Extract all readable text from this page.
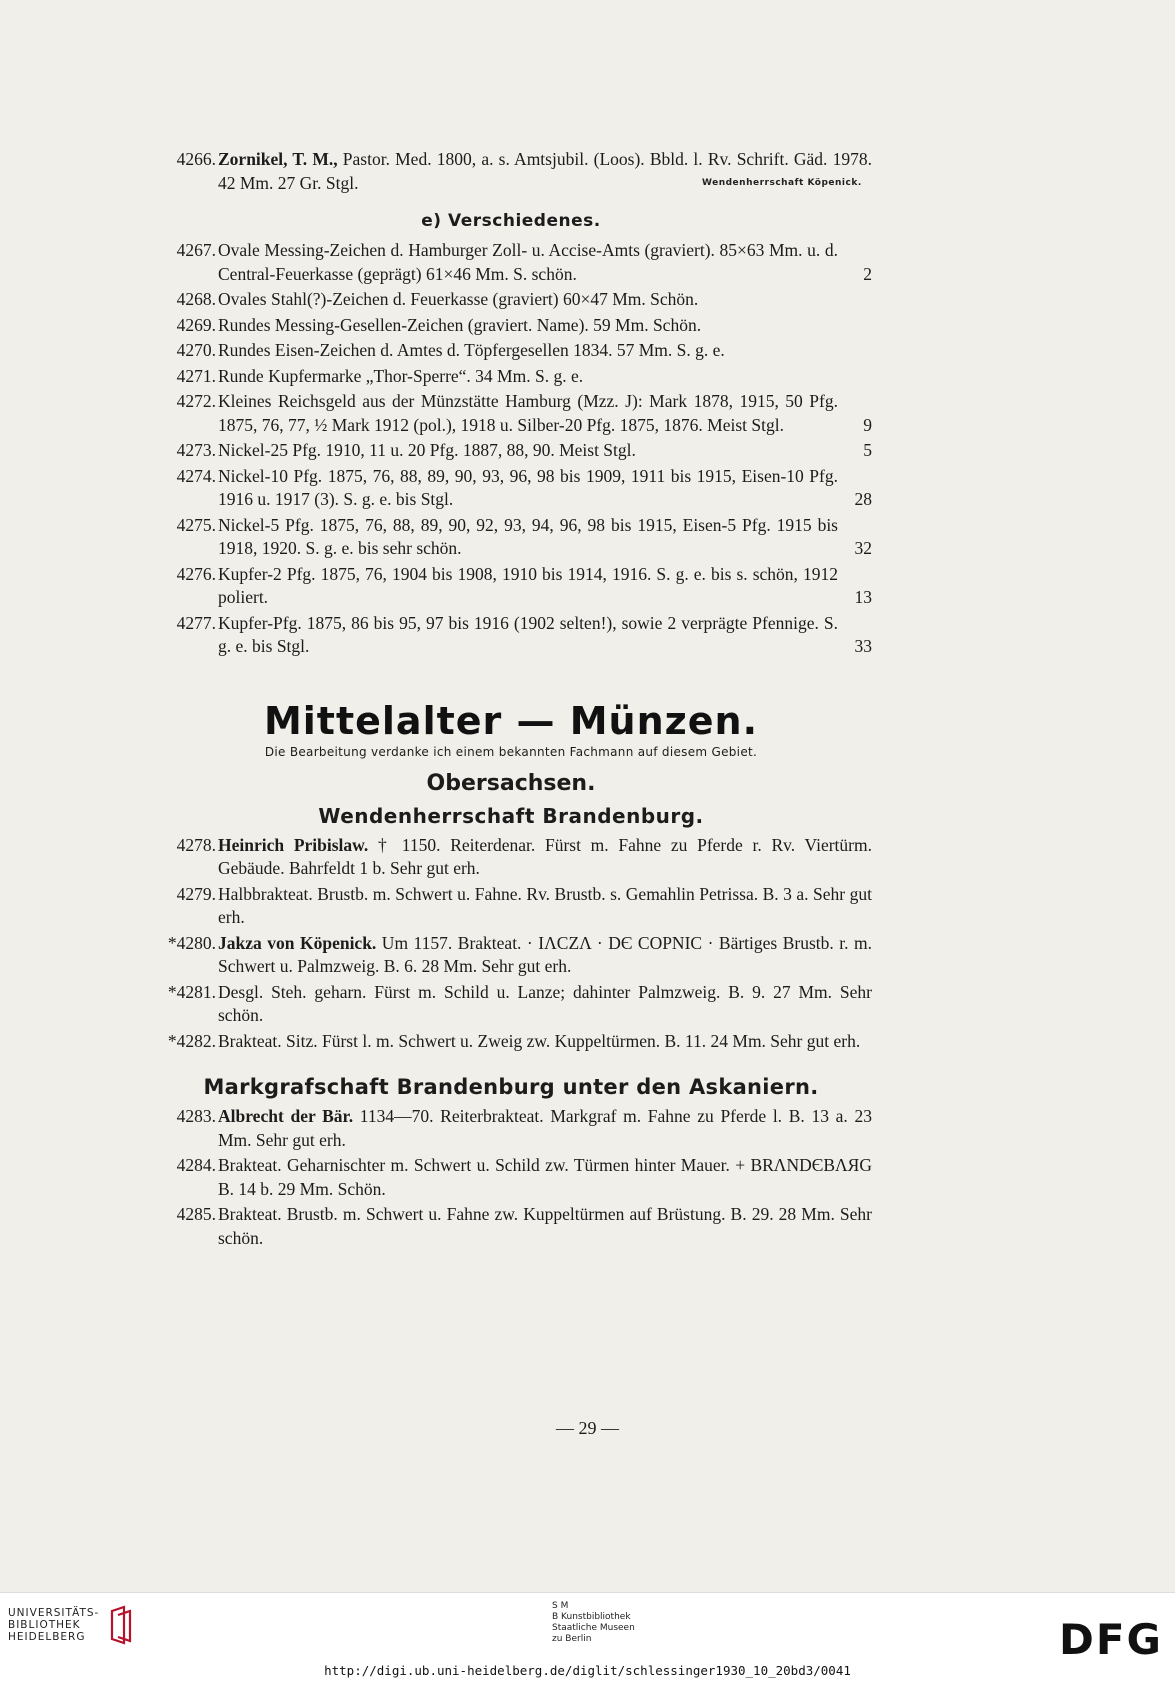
4266. Zornikel, T. M., Pastor. Med. 1800, a. s. Amtsjubil. (Loos). Bbld. l. Rv. Schrift. Gäd. 1978. 42 Mm. 27 Gr. Stgl.
e) Verschiedenes.
4267. Ovale Messing-Zeichen d. Hamburger Zoll- u. Accise-Amts (graviert). 85×63 Mm. u. d. Central-Feuerkasse (geprägt) 61×46 Mm. S. schön.	2
4268. Ovales Stahl(?)-Zeichen d. Feuerkasse (graviert) 60×47 Mm. Schön.
4269. Rundes Messing-Gesellen-Zeichen (graviert. Name). 59 Mm. Schön.
4270. Rundes Eisen-Zeichen d. Amtes d. Töpfergesellen 1834. 57 Mm. S. g. e.
4271. Runde Kupfermarke „Thor-Sperre“. 34 Mm. S. g. e.
4272. Kleines Reichsgeld aus der Münzstätte Hamburg (Mzz. J): Mark 1878, 1915, 50 Pfg. 1875, 76, 77, ½ Mark 1912 (pol.), 1918 u. Silber-20 Pfg. 1875, 1876. Meist Stgl.	9
4273. Nickel-25 Pfg. 1910, 11 u. 20 Pfg. 1887, 88, 90. Meist Stgl.	5
4274. Nickel-10 Pfg. 1875, 76, 88, 89, 90, 93, 96, 98 bis 1909, 1911 bis 1915, Eisen-10 Pfg. 1916 u. 1917 (3). S. g. e. bis Stgl.	28
4275. Nickel-5 Pfg. 1875, 76, 88, 89, 90, 92, 93, 94, 96, 98 bis 1915, Eisen-5 Pfg. 1915 bis 1918, 1920. S. g. e. bis sehr schön.	32
4276. Kupfer-2 Pfg. 1875, 76, 1904 bis 1908, 1910 bis 1914, 1916. S. g. e. bis s. schön, 1912 poliert.	13
4277. Kupfer-Pfg. 1875, 86 bis 95, 97 bis 1916 (1902 selten!), sowie 2 verprägte Pfennige. S. g. e. bis Stgl.	33
Mittelalter — Münzen.
Die Bearbeitung verdanke ich einem bekannten Fachmann auf diesem Gebiet.
Obersachsen.
Wendenherrschaft Brandenburg.
4278. Heinrich Pribislaw. † 1150. Reiterdenar. Fürst m. Fahne zu Pferde r. Rv. Viertürm. Gebäude. Bahrfeldt 1 b. Sehr gut erh.
4279. Halbbrakteat. Brustb. m. Schwert u. Fahne. Rv. Brustb. s. Gemahlin Petrissa. B. 3 a. Sehr gut erh.
Wendenherrschaft Köpenick.
*4280. Jakza von Köpenick. Um 1157. Brakteat. · IΛCZΛ · DЄ COPNIC · Bärtiges Brustb. r. m. Schwert u. Palmzweig. B. 6. 28 Mm. Sehr gut erh.
*4281. Desgl. Steh. geharn. Fürst m. Schild u. Lanze; dahinter Palmzweig. B. 9. 27 Mm. Sehr schön.
*4282. Brakteat. Sitz. Fürst l. m. Schwert u. Zweig zw. Kuppeltürmen. B. 11. 24 Mm. Sehr gut erh.
Markgrafschaft Brandenburg unter den Askaniern.
4283. Albrecht der Bär. 1134—70. Reiterbrakteat. Markgraf m. Fahne zu Pferde l. B. 13 a. 23 Mm. Sehr gut erh.
4284. Brakteat. Geharnischter m. Schwert u. Schild zw. Türmen hinter Mauer. + BRΛNDЄBΛЯG B. 14 b. 29 Mm. Schön.
4285. Brakteat. Brustb. m. Schwert u. Fahne zw. Kuppeltürmen auf Brüstung. B. 29. 28 Mm. Sehr schön.
— 29 —
UNIVERSITÄTS-
BIBLIOTHEK
HEIDELBERG
S M
B Kunstbibliothek
Staatliche Museen
zu Berlin	DFG
http://digi.ub.uni-heidelberg.de/diglit/schlessinger1930_10_20bd3/0041
